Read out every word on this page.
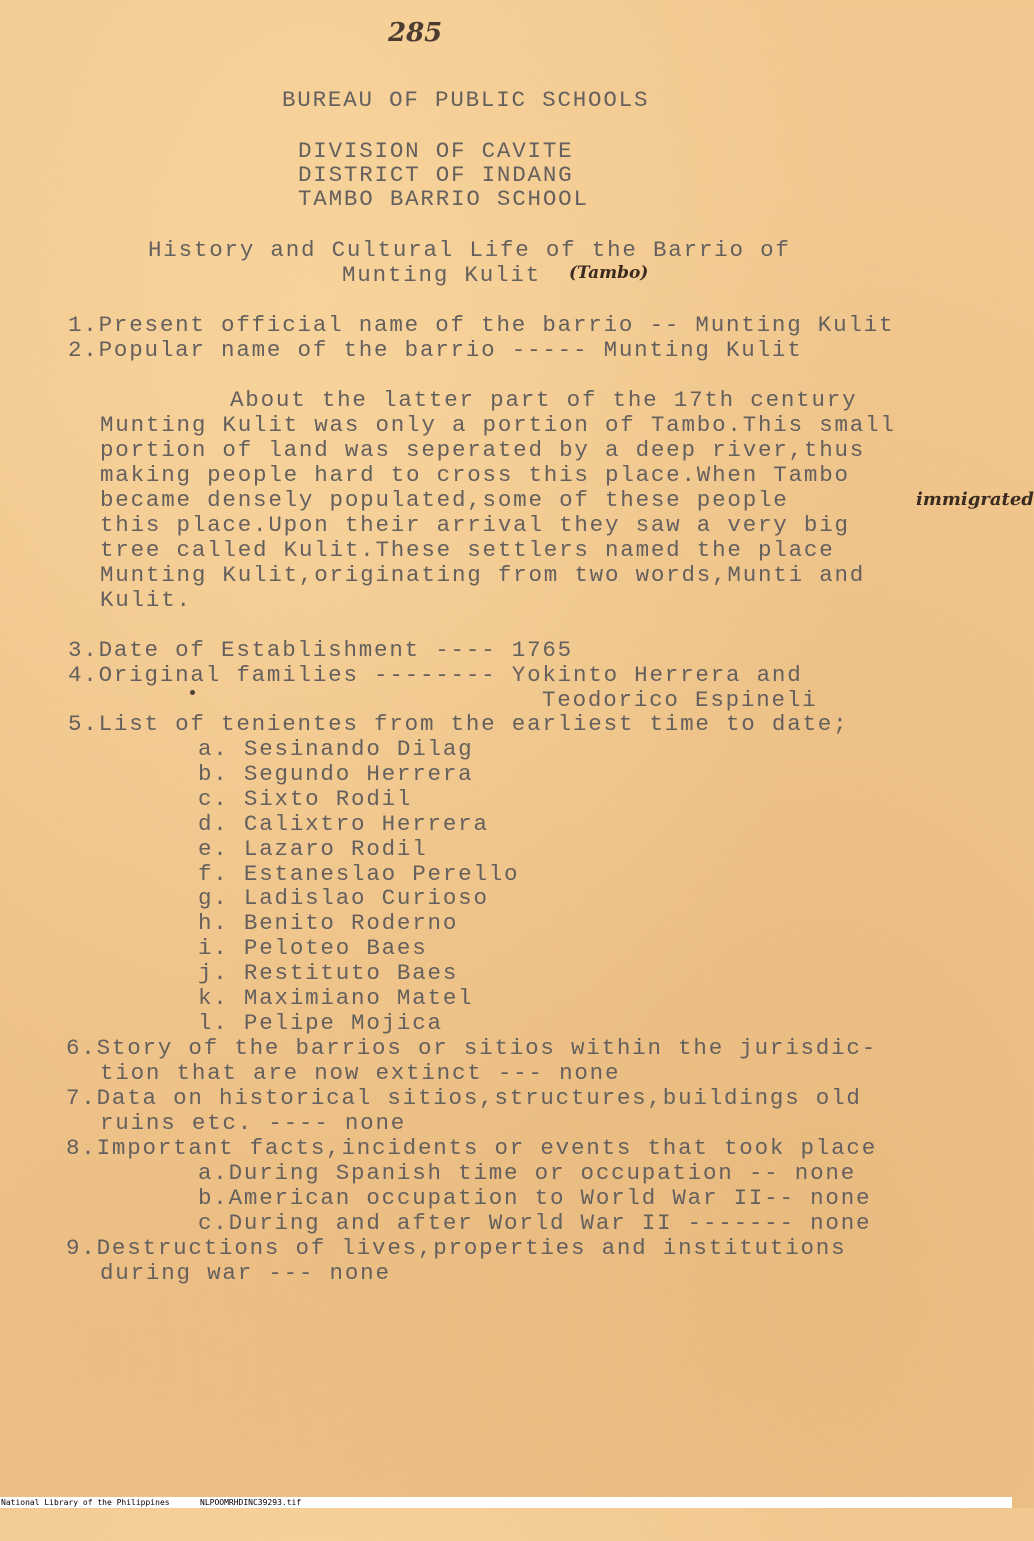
285
BUREAU OF PUBLIC SCHOOLS
DIVISION OF CAVITE
DISTRICT OF INDANG
TAMBO BARRIO SCHOOL
History and Cultural Life of the Barrio of
Munting Kulit (Tambo)
1.Present official name of the barrio -- Munting Kulit
2.Popular name of the barrio ----- Munting Kulit
About the latter part of the 17th century
Munting Kulit was only a portion of Tambo.This small
portion of land was seperated by a deep river,thus
making people hard to cross this place.When Tambo
became densely populated,some of these people	immigrated
this place.Upon their arrival they saw a very big
tree called Kulit.These settlers named the place
Munting Kulit,originating from two words,Munti and
Kulit.
3.Date of Establishment ---- 1765
4.Original families -------- Yokinto Herrera and
Teodorico Espineli
5.List of tenientes from the earliest time to date;
a. Sesinando Dilag
b. Segundo Herrera
c. Sixto Rodil
d. Calixtro Herrera
e. Lazaro Rodil
f. Estaneslao Perello
g. Ladislao Curioso
h. Benito Roderno
i. Peloteo Baes
j. Restituto Baes
k. Maximiano Matel
l. Pelipe Mojica
6.Story of the barrios or sitios within the jurisdic-
tion that are now extinct --- none
7.Data on historical sitios,structures,buildings old
ruins etc. ---- none
8.Important facts,incidents or events that took place
a.During Spanish time or occupation -- none
b.American occupation to World War II-- none
c.During and after World War II ------- none
9.Destructions of lives,properties and institutions
during war --- none

National Library of the Philippines

	NLPOOMRHDINC39293.tif
